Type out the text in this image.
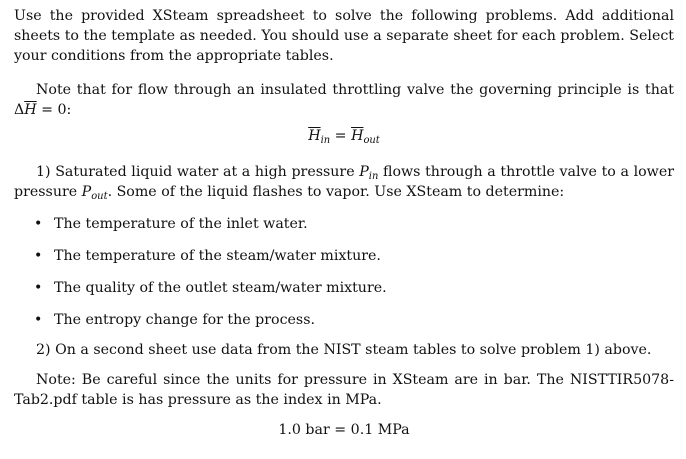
Use the provided XSteam spreadsheet to solve the following problems. Add additional sheets to the template as needed. You should use a separate sheet for each problem. Select your conditions from the appropriate tables.

Note that for flow through an insulated throttling valve the governing principle is that $\Delta\overline{H} = 0$:

$\overline{H}_{in} = \overline{H}_{out}$

1) Saturated liquid water at a high pressure $P_{in}$ flows through a throttle valve to a lower pressure $P_{out}$. Some of the liquid flashes to vapor. Use XSteam to determine:

• The temperature of the inlet water.
• The temperature of the steam/water mixture.
• The quality of the outlet steam/water mixture.
• The entropy change for the process.

2) On a second sheet use data from the NIST steam tables to solve problem 1) above.

Note: Be careful since the units for pressure in XSteam are in bar. The NISTTIR5078-Tab2.pdf table is has pressure as the index in MPa.

1.0 bar = 0.1 MPa
